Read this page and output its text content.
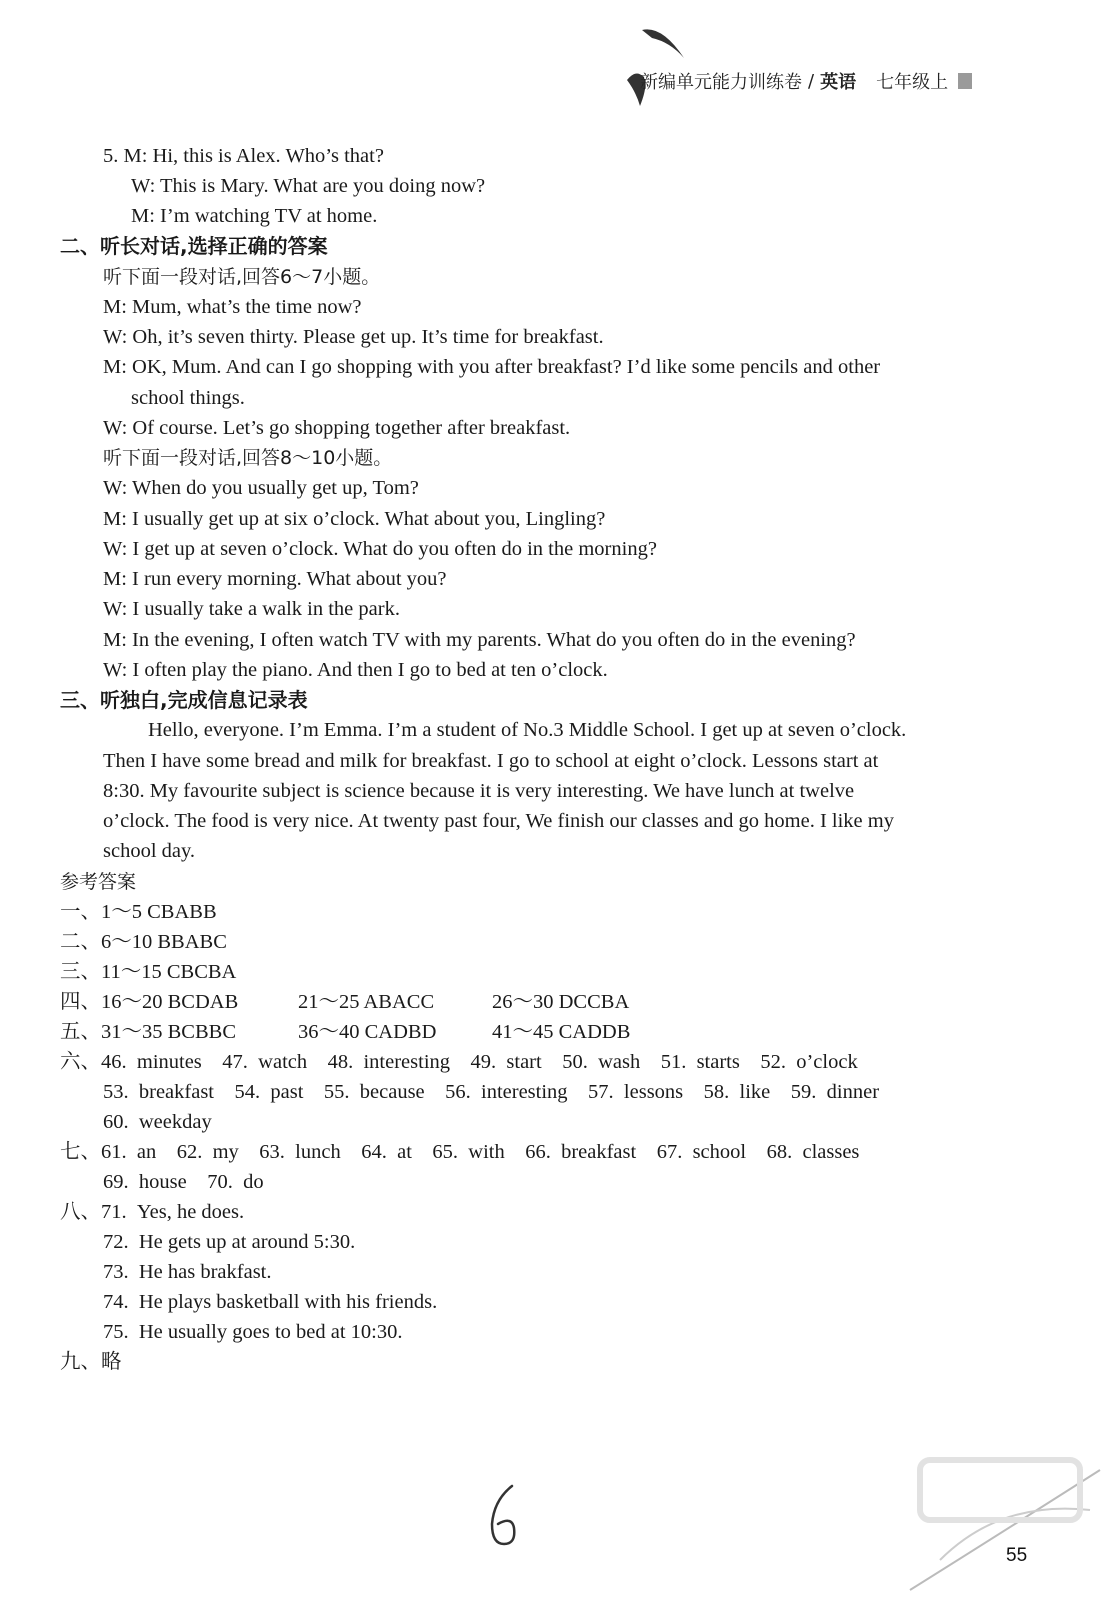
新编单元能力训练卷 / 英语 七年级上
5. M: Hi, this is Alex. Who’s that?
W: This is Mary. What are you doing now?
M: I’m watching TV at home.
二、听长对话,选择正确的答案
听下面一段对话,回答6～7小题。
M: Mum, what’s the time now?
W: Oh, it’s seven thirty. Please get up. It’s time for breakfast.
M: OK, Mum. And can I go shopping with you after breakfast? I’d like some pencils and other
school things.
W: Of course. Let’s go shopping together after breakfast.
听下面一段对话,回答8～10小题。
W: When do you usually get up, Tom?
M: I usually get up at six o’clock. What about you, Lingling?
W: I get up at seven o’clock. What do you often do in the morning?
M: I run every morning. What about you?
W: I usually take a walk in the park.
M: In the evening, I often watch TV with my parents. What do you often do in the evening?
W: I often play the piano. And then I go to bed at ten o’clock.
三、听独白,完成信息记录表
Hello, everyone. I’m Emma. I’m a student of No.3 Middle School. I get up at seven o’clock.
Then I have some bread and milk for breakfast. I go to school at eight o’clock. Lessons start at
8:30. My favourite subject is science because it is very interesting. We have lunch at twelve
o’clock. The food is very nice. At twenty past four, We finish our classes and go home. I like my
school day.
参考答案
一、1～5 CBABB
二、6～10 BBABC
三、11～15 CBCBA
四、16～20 BCDAB	21～25 ABACC	26～30 DCCBA
五、31～35 BCBBC	36～40 CADBD	41～45 CADDB
六、46.  minutes    47.  watch    48.  interesting    49.  start    50.  wash    51.  starts    52.  o’clock
53.  breakfast    54.  past    55.  because    56.  interesting    57.  lessons    58.  like    59.  dinner
60.  weekday
七、61.  an    62.  my    63.  lunch    64.  at    65.  with    66.  breakfast    67.  school    68.  classes
69.  house    70.  do
八、71.  Yes, he does.
72.  He gets up at around 5:30.
73.  He has brakfast.
74.  He plays basketball with his friends.
75.  He usually goes to bed at 10:30.
九、略
55
